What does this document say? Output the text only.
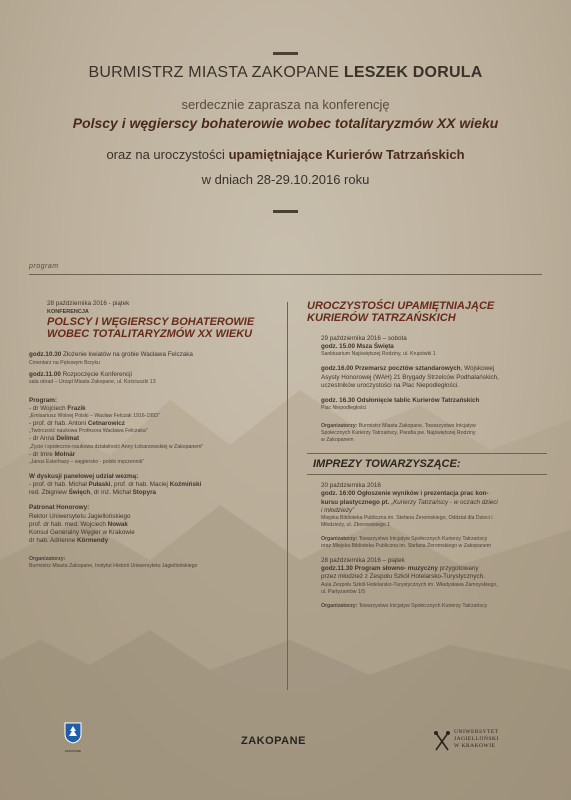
BURMISTRZ MIASTA ZAKOPANE LESZEK DORULA
serdecznie zaprasza na konferencję
Polscy i węgierscy bohaterowie wobec totalitaryzmów XX wieku
oraz na uroczystości upamiętniające Kurierów Tatrzańskich
w dniach 28-29.10.2016 roku
program
28 października 2016 - piątek
KONFERENCJA
POLSCY I WĘGIERSCY BOHATEROWIE
WOBEC TOTALITARYZMÓW XX WIEKU
godz.10.30 Złożenie kwiatów na grobie Wacława Felczaka
Cmentarz na Pękowym Brzyku
godz.11.00 Rozpoczęcie Konferencji
sala obrad – Urząd Miasta Zakopane, ul. Kościuszki 13
Program:
- dr Wojciech Frazik
„Emisariusz Wolnej Polski – Wacław Felczak 1916-1993”
- prof. dr hab. Antoni Cetnarowicz
„Twórczość naukowa Profesora Wacława Felczaka”
- dr Anna Delimat
„Życie i społeczno-naukowa działalność Anny Łobarzewskiej w Zakopanem”
- dr Imre Molnár
„Janos Esterhazy – węgiersko - polski męczennik”
W dyskusji panelowej udział wezmą:
- prof. dr hab. Michał Pułaski, prof. dr hab. Maciej Koźmiński
red. Zbigniew Święch, dr inż. Michał Stopyra
Patronat Honorowy:
Rektor Uniwersytetu Jagiellońskiego
prof. dr hab. med. Wojciech Nowak
Konsul Generalny Węgier w Krakowie
dr hab. Adrienne Körmendy
Organizatorzy:
Burmistrz Miasta Zakopane, Instytut Historii Uniwersytetu Jagiellońskiego
UROCZYSTOŚCI UPAMIĘTNIAJĄCE
KURIERÓW TATRZAŃSKICH
29 października 2016 – sobota
godz. 15.00 Msza Święta
Sanktuarium Najświętszej Rodziny, ul. Krupówki 1
godz.16.00 Przemarsz pocztów sztandarowych, Wojskowej
Asysty Honorowej (WAH) 21 Brygady Strzelców Podhalańskich,
uczestników uroczystości na Plac Niepodległości.
godz. 16.30 Odsłonięcie tablic Kurierów Tatrzańskich
Plac Niepodległości
Organizatorzy: Burmistrz Miasta Zakopane, Towarzystwo Inicjatyw
Społecznych Kurierzy Tatrzańscy, Parafia pw. Najświętszej Rodziny
w Zakopanem
IMPREZY TOWARZYSZĄCE:
20 października 2016
godz. 16:00 Ogłoszenie wyników i prezentacja prac kon-
kursu plastycznego pt. „Kurierzy Tatrzańscy - w oczach dzieci
i młodzieży”
Miejska Biblioteka Publiczna im. Stefana Żeromskiego, Oddział dla Dzieci i
Młodzieży, ul. Zborowskiego 1
Organizatorzy: Towarzystwo Inicjatyw Społecznych Kurierzy Tatrzańscy
oraz Miejska Biblioteka Publiczna im. Stefana Żeromskiego w Zakopanem
28 października 2016 – piątek
godz.11.30 Program słowno- muzyczny przygotowany
przez młodzież z Zespołu Szkół Hotelarsko-Turystycznych.
Aula Zespołu Szkół Hotelarsko-Turystycznych im. Władysława Zamoyskiego,
ul. Partyzantów 1/5
Organizatorzy: Towarzystwo Inicjatyw Społecznych Kurierzy Tatrzańscy
ZAKOPANE
ZAKOPANE
UNIWERSYTET
JAGIELLOŃSKI
W KRAKOWIE
